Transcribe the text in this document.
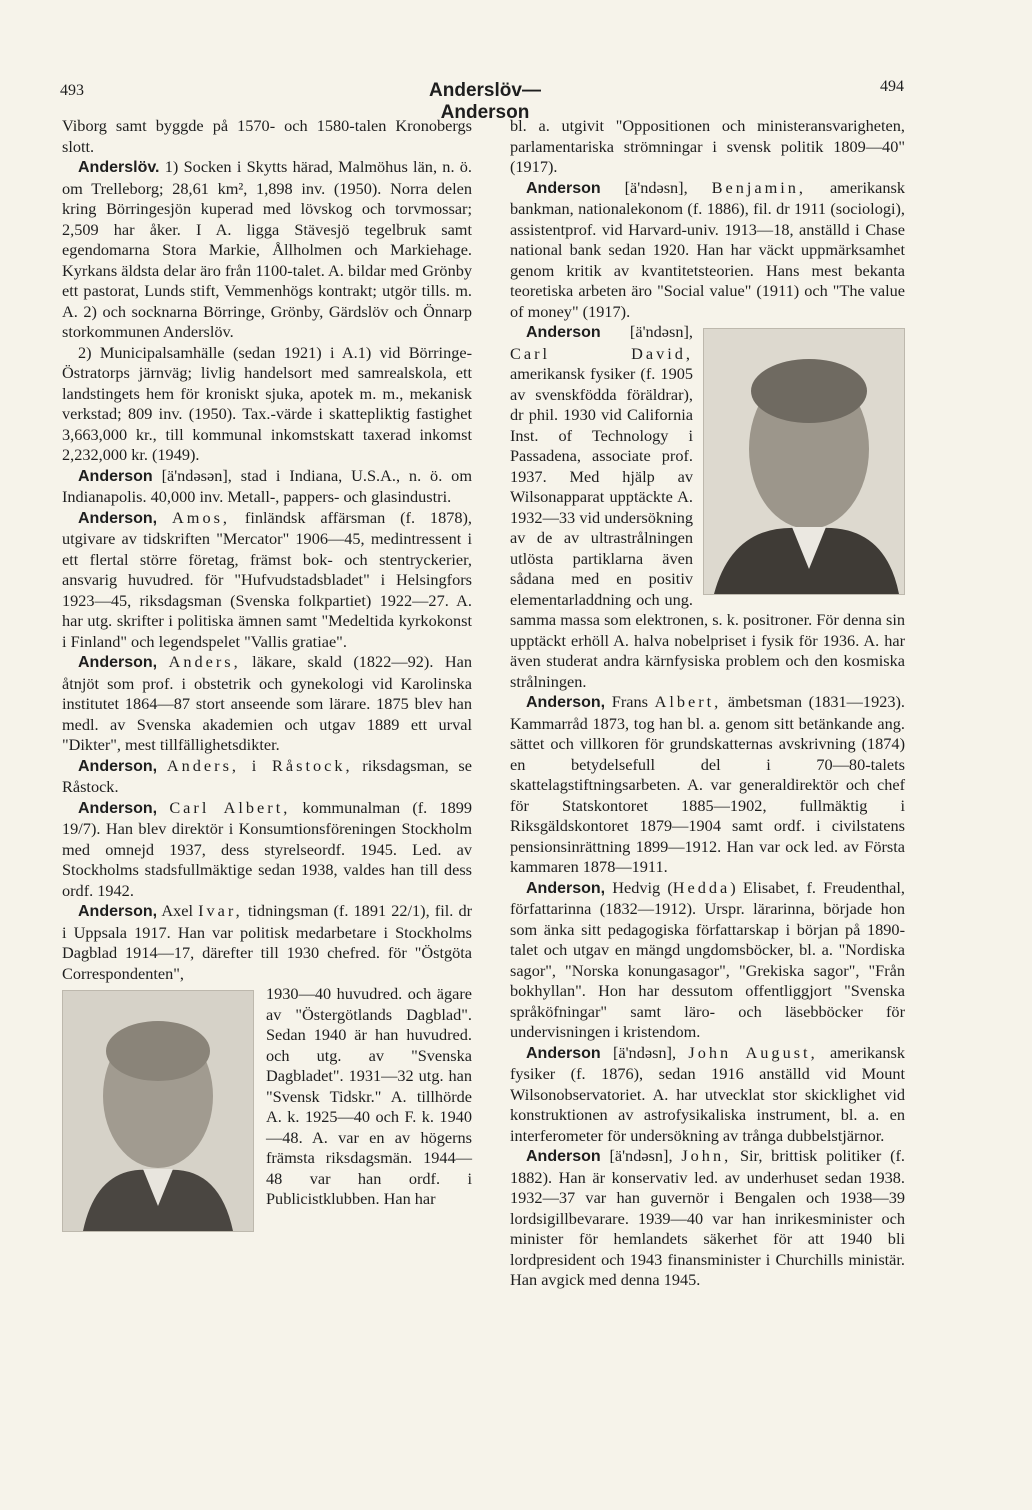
493	Anderslöv—Anderson
494

Viborg samt byggde på 1570- och 1580-talen Kronobergs slott.

Anderslöv. 1) Socken i Skytts härad, Malmöhus län, n. ö. om Trelleborg; 28,61 km², 1,898 inv. (1950). Norra delen kring Börringesjön kuperad med lövskog och torvmossar; 2,509 har åker. I A. ligga Stävesjö tegelbruk samt egendomarna Stora Markie, Ållholmen och Markiehage. Kyrkans äldsta delar äro från 1100-talet. A. bildar med Grönby ett pastorat, Lunds stift, Vemmenhögs kontrakt; utgör tills. m. A. 2) och socknarna Börringe, Grönby, Gärdslöv och Önnarp storkommunen Anderslöv.

2) Municipalsamhälle (sedan 1921) i A.1) vid Börringe-Östratorps järnväg; livlig handelsort med samrealskola, ett landstingets hem för kroniskt sjuka, apotek m. m., mekanisk verkstad; 809 inv. (1950). Tax.-värde i skattepliktig fastighet 3,663,000 kr., till kommunal inkomstskatt taxerad inkomst 2,232,000 kr. (1949).

Anderson [ä'ndəsən], stad i Indiana, U.S.A., n. ö. om Indianapolis. 40,000 inv. Metall-, pappers- och glasindustri.

Anderson, Amos, finländsk affärsman (f. 1878), utgivare av tidskriften "Mercator" 1906—45, medintressent i ett flertal större företag, främst bok- och stentryckerier, ansvarig huvudred. för "Hufvudstadsbladet" i Helsingfors 1923—45, riksdagsman (Svenska folkpartiet) 1922—27. A. har utg. skrifter i politiska ämnen samt "Medeltida kyrkokonst i Finland" och legendspelet "Vallis gratiae".

Anderson, Anders, läkare, skald (1822—92). Han åtnjöt som prof. i obstetrik och gynekologi vid Karolinska institutet 1864—87 stort anseende som lärare. 1875 blev han medl. av Svenska akademien och utgav 1889 ett urval "Dikter", mest tillfällighetsdikter.

Anderson, Anders, i Råstock, riksdagsman, se Råstock.

Anderson, Carl Albert, kommunalman (f. 1899 19/7). Han blev direktör i Konsumtionsföreningen Stockholm med omnejd 1937, dess styrelseordf. 1945. Led. av Stockholms stadsfullmäktige sedan 1938, valdes han till dess ordf. 1942.

Anderson, Axel Ivar, tidningsman (f. 1891 22/1), fil. dr i Uppsala 1917. Han var politisk medarbetare i Stockholms Dagblad 1914—17, därefter till 1930 chefred. för "Östgöta Correspondenten",

1930—40 huvudred. och ägare av "Östergötlands Dagblad". Sedan 1940 är han huvudred. och utg. av "Svenska Dagbladet". 1931—32 utg. han "Svensk Tidskr." A. tillhörde A. k. 1925—40 och F. k. 1940—48. A. var en av högerns främsta riksdagsmän. 1944—48 var han ordf. i Publicistklubben. Han har

bl. a. utgivit "Oppositionen och ministeransvarigheten, parlamentariska strömningar i svensk politik 1809—40" (1917).

Anderson [ä'ndəsn], Benjamin, amerikansk bankman, nationalekonom (f. 1886), fil. dr 1911 (sociologi), assistentprof. vid Harvard-univ. 1913—18, anställd i Chase national bank sedan 1920. Han har väckt uppmärksamhet genom kritik av kvantitetsteorien. Hans mest bekanta teoretiska arbeten äro "Social value" (1911) och "The value of money" (1917).

Anderson [ä'ndəsn], Carl David, amerikansk fysiker (f. 1905 av svenskfödda föräldrar), dr phil. 1930 vid California Inst. of Technology i Passadena, associate prof. 1937. Med hjälp av Wilsonapparat upptäckte A. 1932—33 vid undersökning av de av ultrastrålningen utlösta partiklarna även sådana med en positiv elementarladdning och ung. samma massa som elektronen, s. k. positroner. För denna sin upptäckt erhöll A. halva nobelpriset i fysik för 1936. A. har även studerat andra kärnfysiska problem och den kosmiska strålningen.

Anderson, Frans Albert, ämbetsman (1831—1923). Kammarråd 1873, tog han bl. a. genom sitt betänkande ang. sättet och villkoren för grundskatternas avskrivning (1874) en betydelsefull del i 70—80-talets skattelagstiftningsarbeten. A. var generaldirektör och chef för Statskontoret 1885—1902, fullmäktig i Riksgäldskontoret 1879—1904 samt ordf. i civilstatens pensionsinrättning 1899—1912. Han var ock led. av Första kammaren 1878—1911.

Anderson, Hedvig (Hedda) Elisabet, f. Freudenthal, författarinna (1832—1912). Urspr. lärarinna, började hon som änka sitt pedagogiska författarskap i början på 1890-talet och utgav en mängd ungdomsböcker, bl. a. "Nordiska sagor", "Norska konungasagor", "Grekiska sagor", "Från bokhyllan". Hon har dessutom offentliggjort "Svenska språköfningar" samt läro- och läsebböcker för undervisningen i kristendom.

Anderson [ä'ndəsn], John August, amerikansk fysiker (f. 1876), sedan 1916 anställd vid Mount Wilsonobservatoriet. A. har utvecklat stor skicklighet vid konstruktionen av astrofysikaliska instrument, bl. a. en interferometer för undersökning av trånga dubbelstjärnor.

Anderson [ä'ndəsn], John, Sir, brittisk politiker (f. 1882). Han är konservativ led. av underhuset sedan 1938. 1932—37 var han guvernör i Bengalen och 1938—39 lordsigillbevarare. 1939—40 var han inrikesminister och minister för hemlandets säkerhet för att 1940 bli lordpresident och 1943 finansminister i Churchills ministär. Han avgick med denna 1945.
